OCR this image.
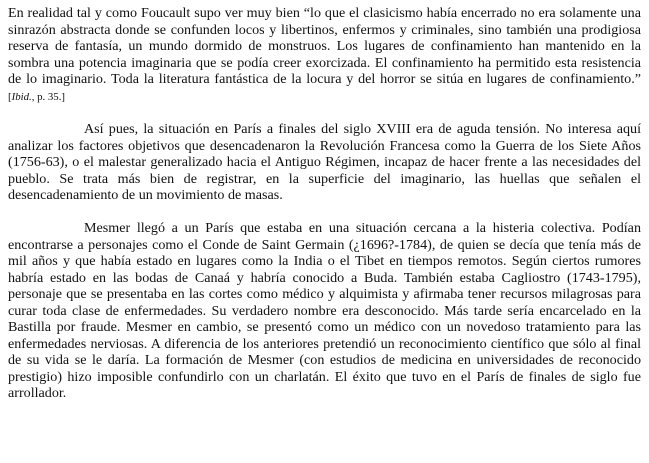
En realidad tal y como Foucault supo ver muy bien “lo que el clasicismo había encerrado no era solamente una sinrazón abstracta donde se confunden locos y libertinos, enfermos y criminales, sino también una prodigiosa reserva de fantasía, un mundo dormido de monstruos. Los lugares de confinamiento han mantenido en la sombra una potencia imaginaria que se podía creer exorcizada. El confinamiento ha permitido esta resistencia de lo imaginario. Toda la literatura fantástica de la locura y del horror se sitúa en lugares de confinamiento.” [Ibid., p. 35.]

Así pues, la situación en París a finales del siglo XVIII era de aguda tensión. No interesa aquí analizar los factores objetivos que desencadenaron la Revolución Francesa como la Guerra de los Siete Años (1756-63), o el malestar generalizado hacia el Antiguo Régimen, incapaz de hacer frente a las necesidades del pueblo. Se trata más bien de registrar, en la superficie del imaginario, las huellas que señalen el desencadenamiento de un movimiento de masas.

Mesmer llegó a un París que estaba en una situación cercana a la histeria colectiva. Podían encontrarse a personajes como el Conde de Saint Germain (¿1696?-1784), de quien se decía que tenía más de mil años y que había estado en lugares como la India o el Tibet en tiempos remotos. Según ciertos rumores habría estado en las bodas de Canaá y habría conocido a Buda. También estaba Cagliostro (1743-1795), personaje que se presentaba en las cortes como médico y alquimista y afirmaba tener recursos milagrosas para curar toda clase de enfermedades. Su verdadero nombre era desconocido. Más tarde sería encarcelado en la Bastilla por fraude. Mesmer en cambio, se presentó como un médico con un novedoso tratamiento para las enfermedades nerviosas. A diferencia de los anteriores pretendió un reconocimiento científico que sólo al final de su vida se le daría. La formación de Mesmer (con estudios de medicina en universidades de reconocido prestigio) hizo imposible confundirlo con un charlatán. El éxito que tuvo en el París de finales de siglo fue arrollador.
